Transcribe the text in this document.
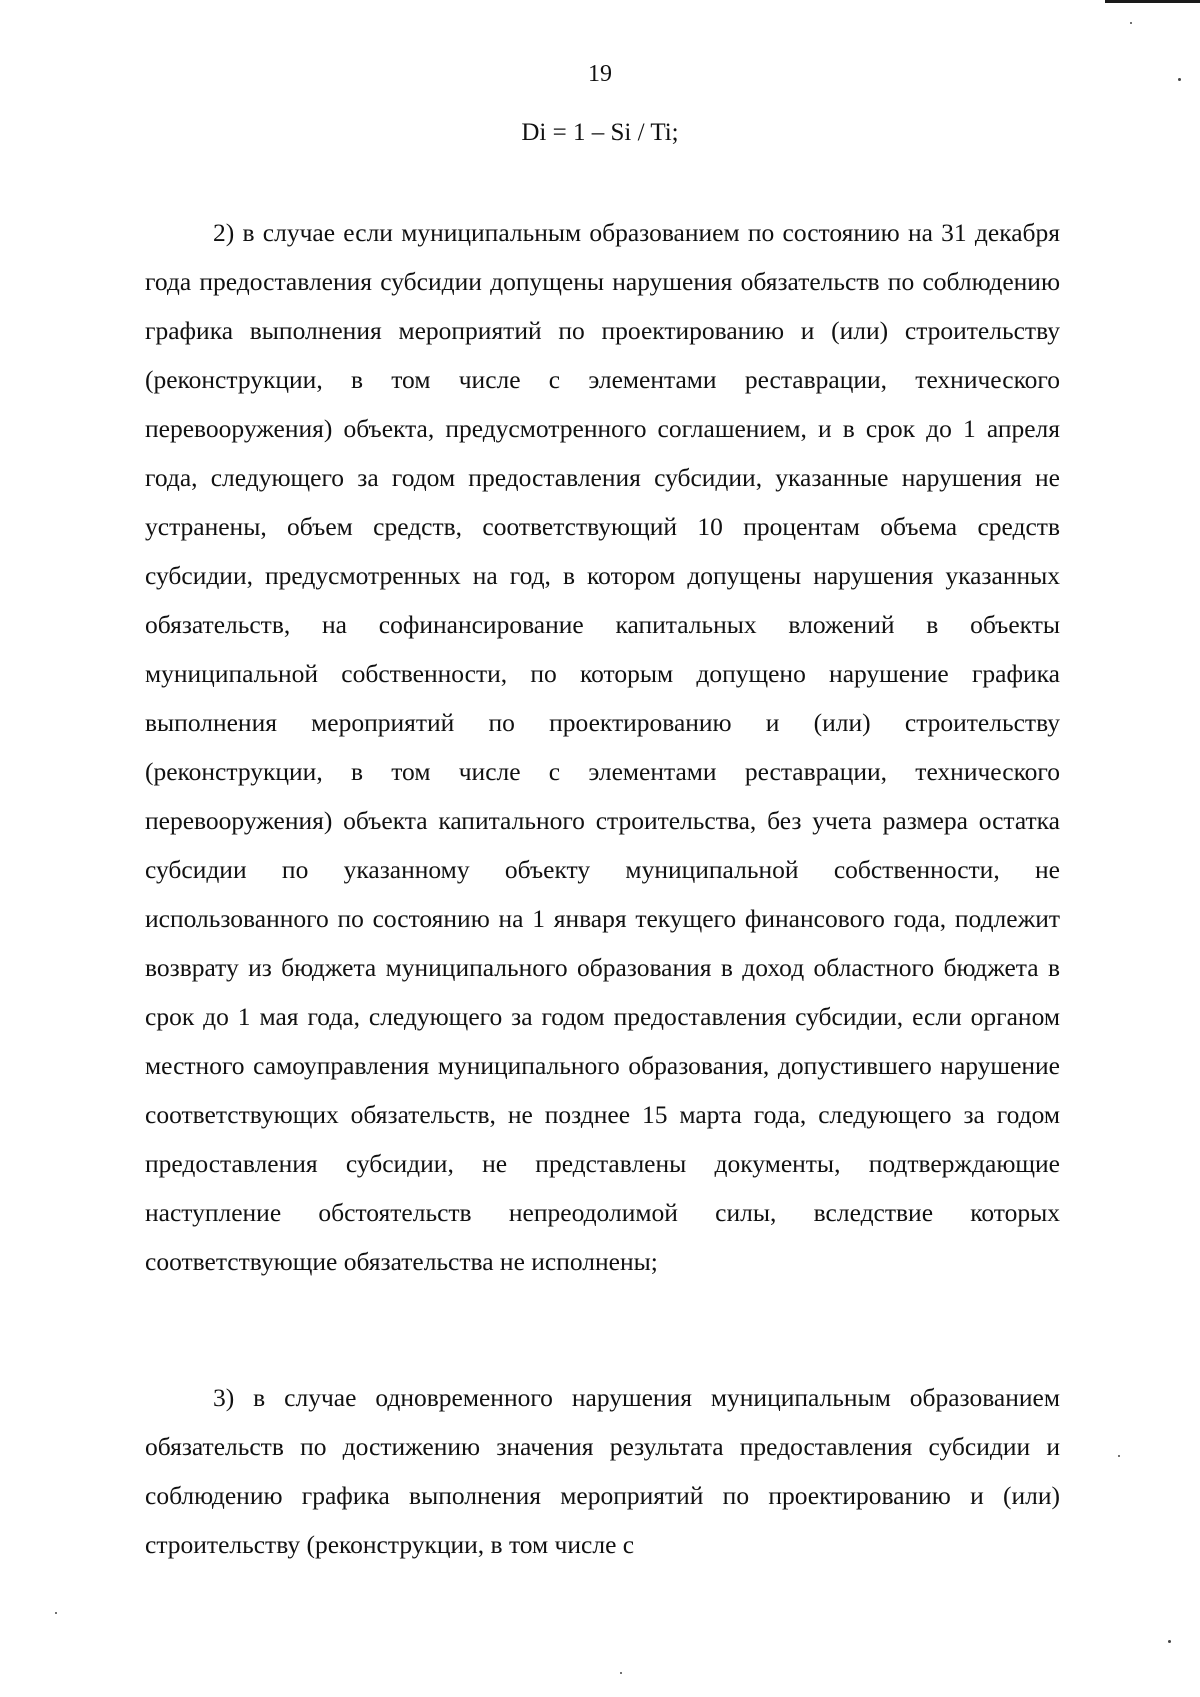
19
Di = 1 – Si / Ti;

2) в случае если муниципальным образованием по состоянию на 31 декабря года предоставления субсидии допущены нарушения обязательств по соблюдению графика выполнения мероприятий по проектированию и (или) строительству (реконструкции, в том числе с элементами реставрации, технического перевооружения) объекта, предусмотренного соглашением, и в срок до 1 апреля года, следующего за годом предоставления субсидии, указанные нарушения не устранены, объем средств, соответствующий 10 процентам объема средств субсидии, предусмотренных на год, в котором допущены нарушения указанных обязательств, на софинансирование капитальных вложений в объекты муниципальной собственности, по которым допущено нарушение графика выполнения мероприятий по проектированию и (или) строительству (реконструкции, в том числе с элементами реставрации, технического перевооружения) объекта капитального строительства, без учета размера остатка субсидии по указанному объекту муниципальной собственности, не использованного по состоянию на 1 января текущего финансового года, подлежит возврату из бюджета муниципального образования в доход областного бюджета в срок до 1 мая года, следующего за годом предоставления субсидии, если органом местного самоуправления муниципального образования, допустившего нарушение соответствующих обязательств, не позднее 15 марта года, следующего за годом предоставления субсидии, не представлены документы, подтверждающие наступление обстоятельств непреодолимой силы, вследствие которых соответствующие обязательства не исполнены;

3) в случае одновременного нарушения муниципальным образованием обязательств по достижению значения результата предоставления субсидии и соблюдению графика выполнения мероприятий по проектированию и (или) строительству (реконструкции, в том числе с
